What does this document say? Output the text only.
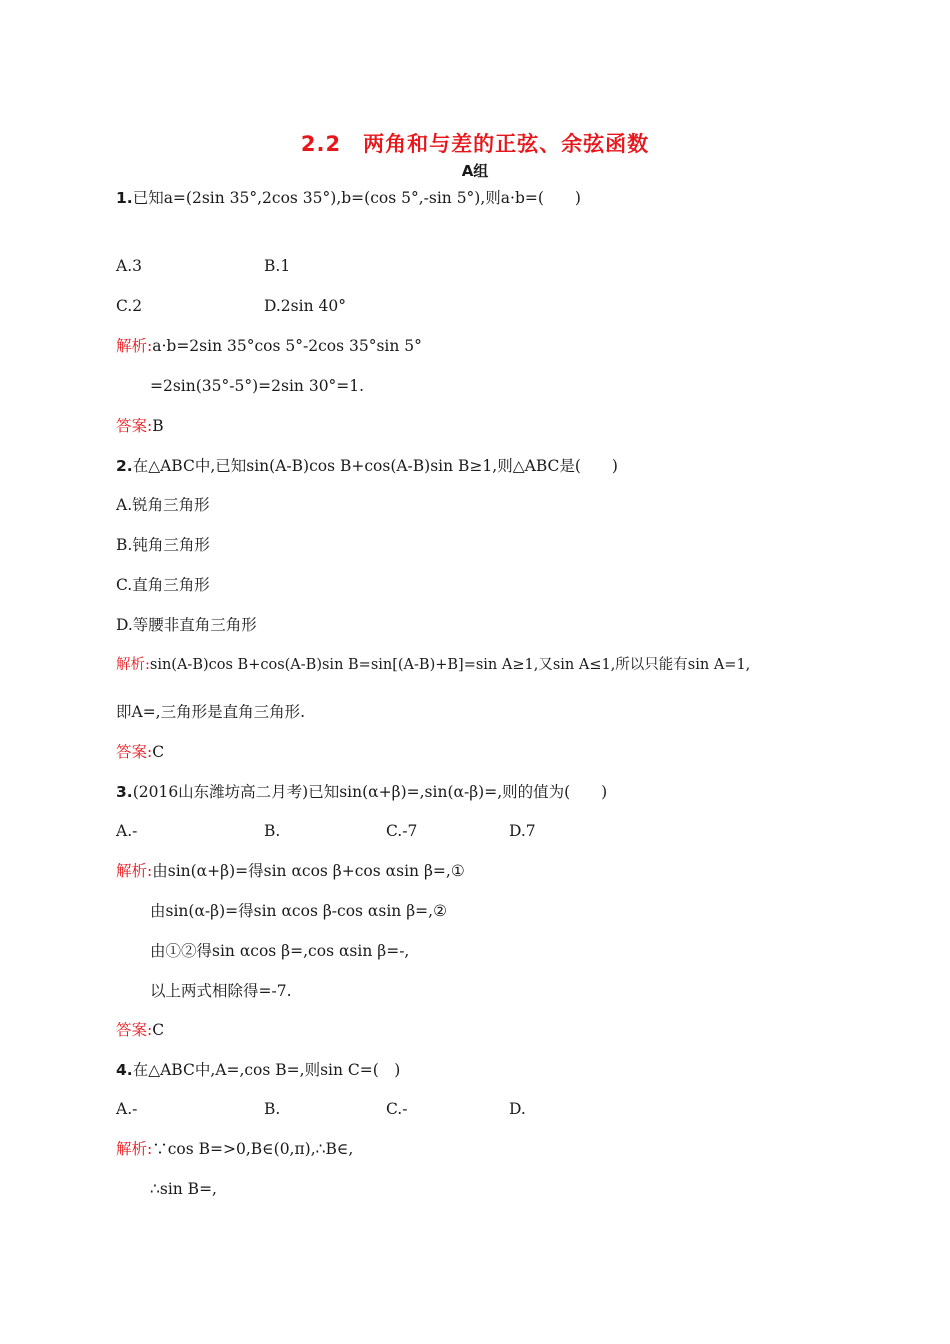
2.2　两角和与差的正弦、余弦函数
A组
1.已知a=(2sin 35°,2cos 35°),b=(cos 5°,-sin 5°),则a·b=(　　)
A.3	B.1
C.2	D.2sin 40°
解析:a·b=2sin 35°cos 5°-2cos 35°sin 5°
=2sin(35°-5°)=2sin 30°=1.
答案:B
2.在△ABC中,已知sin(A-B)cos B+cos(A-B)sin B≥1,则△ABC是(　　)
A.锐角三角形
B.钝角三角形
C.直角三角形
D.等腰非直角三角形
解析:sin(A-B)cos B+cos(A-B)sin B=sin[(A-B)+B]=sin A≥1,又sin A≤1,所以只能有sin A=1,
即A=,三角形是直角三角形.
答案:C
3.(2016山东潍坊高二月考)已知sin(α+β)=,sin(α-β)=,则的值为(　　)
A.-	B.	C.-7	D.7
解析:由sin(α+β)=得sin αcos β+cos αsin β=,①
由sin(α-β)=得sin αcos β-cos αsin β=,②
由①②得sin αcos β=,cos αsin β=-,
以上两式相除得=-7.
答案:C
4.在△ABC中,A=,cos B=,则sin C=(　)
A.-	B.	C.-	D.
解析:∵cos B=>0,B∈(0,π),∴B∈,
∴sin B=,
